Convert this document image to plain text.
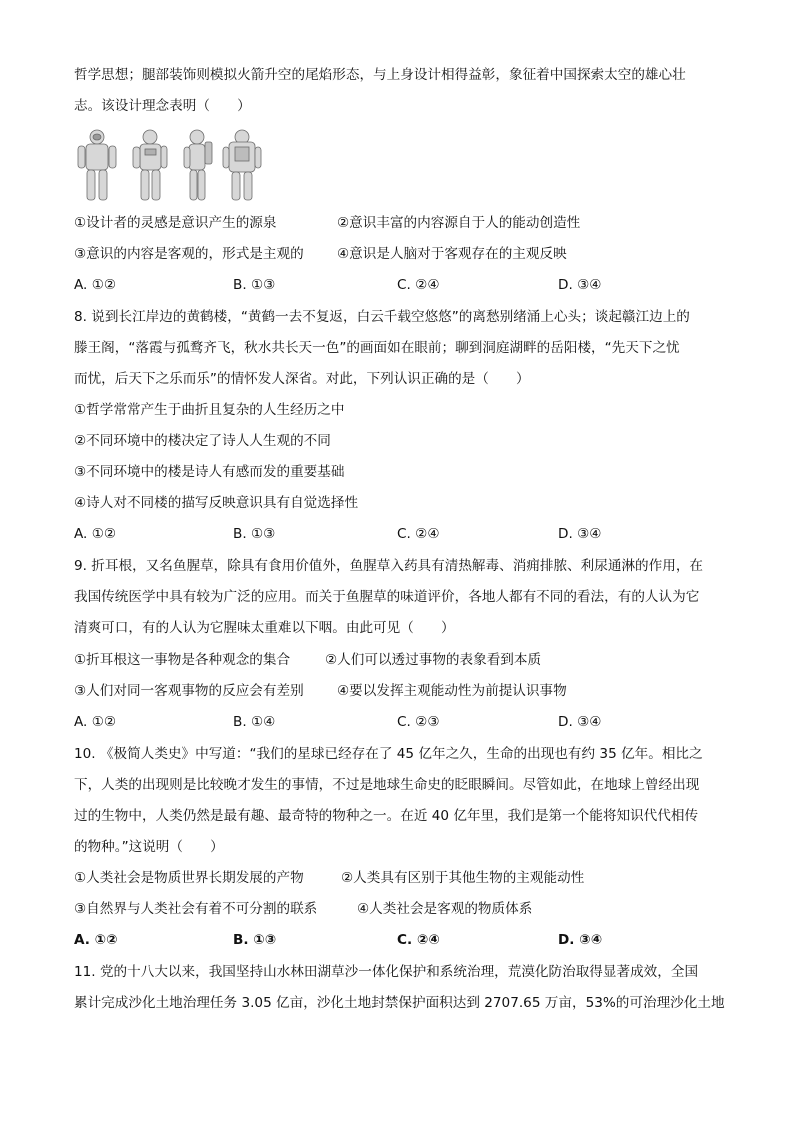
哲学思想；腿部装饰则模拟火箭升空的尾焰形态，与上身设计相得益彰，象征着中国探索太空的雄心壮
志。该设计理念表明（　　）
①设计者的灵感是意识产生的源泉	②意识丰富的内容源自于人的能动创造性
③意识的内容是客观的，形式是主观的 ④意识是人脑对于客观存在的主观反映
A. ①②	B. ①③	C. ②④	D. ③④
8. 说到长江岸边的黄鹤楼，“黄鹤一去不复返，白云千载空悠悠”的离愁别绪涌上心头；谈起赣江边上的
滕王阁，“落霞与孤鹜齐飞，秋水共长天一色”的画面如在眼前；聊到洞庭湖畔的岳阳楼，“先天下之忧
而忧，后天下之乐而乐”的情怀发人深省。对此，下列认识正确的是（　　）
①哲学常常产生于曲折且复杂的人生经历之中
②不同环境中的楼决定了诗人人生观的不同
③不同环境中的楼是诗人有感而发的重要基础
④诗人对不同楼的描写反映意识具有自觉选择性
A. ①②	B. ①③	C. ②④	D. ③④
9. 折耳根，又名鱼腥草，除具有食用价值外，鱼腥草入药具有清热解毒、消痈排脓、利尿通淋的作用，在
我国传统医学中具有较为广泛的应用。而关于鱼腥草的味道评价，各地人都有不同的看法，有的人认为它
清爽可口，有的人认为它腥味太重难以下咽。由此可见（　　）
①折耳根这一事物是各种观念的集合	②人们可以透过事物的表象看到本质
③人们对同一客观事物的反应会有差别 ④要以发挥主观能动性为前提认识事物
A. ①②	B. ①④	C. ②③	D. ③④
10. 《极简人类史》中写道：“我们的星球已经存在了 45 亿年之久，生命的出现也有约 35 亿年。相比之
下，人类的出现则是比较晚才发生的事情，不过是地球生命史的眨眼瞬间。尽管如此，在地球上曾经出现
过的生物中，人类仍然是最有趣、最奇特的物种之一。在近 40 亿年里，我们是第一个能将知识代代相传
的物种。”这说明（　　）
①人类社会是物质世界长期发展的产物	②人类具有区别于其他生物的主观能动性
③自然界与人类社会有着不可分割的联系	④人类社会是客观的物质体系
A. ①②	B. ①③	C. ②④	D. ③④
11. 党的十八大以来，我国坚持山水林田湖草沙一体化保护和系统治理，荒漠化防治取得显著成效，全国
累计完成沙化土地治理任务 3.05 亿亩，沙化土地封禁保护面积达到 2707.65 万亩，53%的可治理沙化土地
